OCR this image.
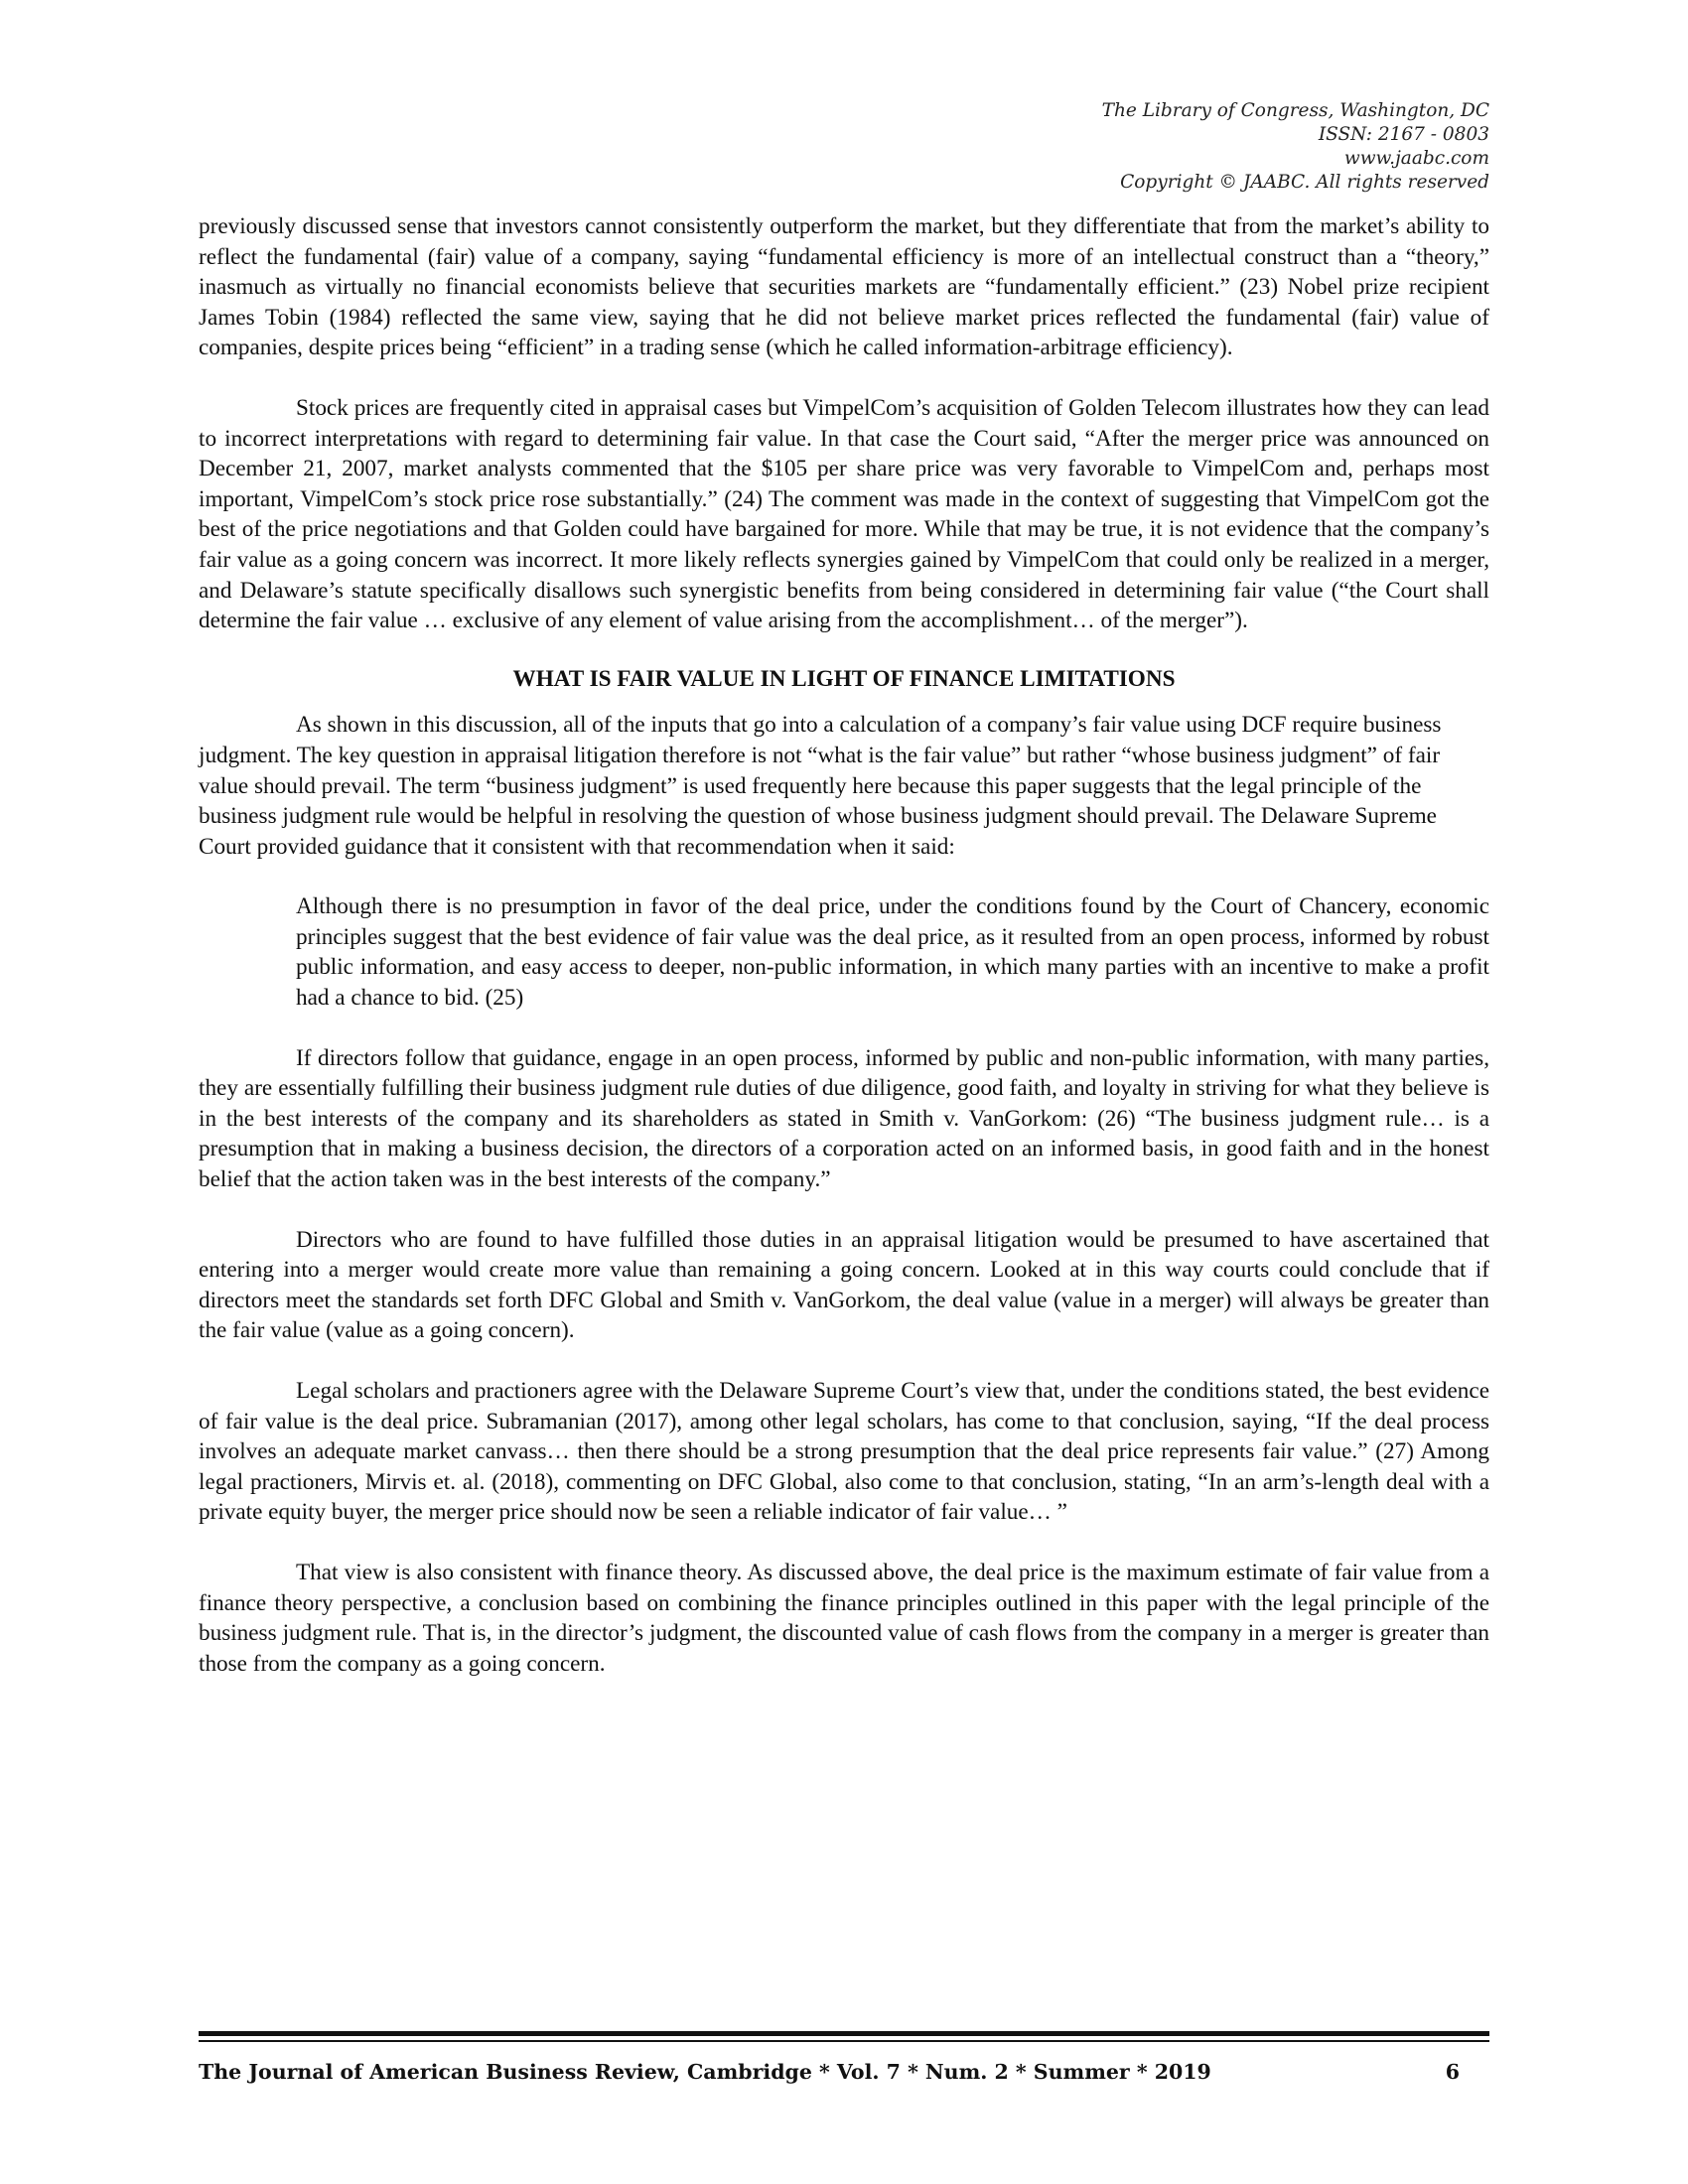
The Library of Congress, Washington, DC
ISSN: 2167 - 0803
www.jaabc.com
Copyright © JAABC. All rights reserved

previously discussed sense that investors cannot consistently outperform the market, but they differentiate that from the market’s ability to reflect the fundamental (fair) value of a company, saying “fundamental efficiency is more of an intellectual construct than a “theory,” inasmuch as virtually no financial economists believe that securities markets are “fundamentally efficient.” (23) Nobel prize recipient James Tobin (1984) reflected the same view, saying that he did not believe market prices reflected the fundamental (fair) value of companies, despite prices being “efficient” in a trading sense (which he called information-arbitrage efficiency).

Stock prices are frequently cited in appraisal cases but VimpelCom’s acquisition of Golden Telecom illustrates how they can lead to incorrect interpretations with regard to determining fair value. In that case the Court said, “After the merger price was announced on December 21, 2007, market analysts commented that the $105 per share price was very favorable to VimpelCom and, perhaps most important, VimpelCom’s stock price rose substantially.” (24) The comment was made in the context of suggesting that VimpelCom got the best of the price negotiations and that Golden could have bargained for more. While that may be true, it is not evidence that the company’s fair value as a going concern was incorrect. It more likely reflects synergies gained by VimpelCom that could only be realized in a merger, and Delaware’s statute specifically disallows such synergistic benefits from being considered in determining fair value (“the Court shall determine the fair value … exclusive of any element of value arising from the accomplishment… of the merger”).

WHAT IS FAIR VALUE IN LIGHT OF FINANCE LIMITATIONS

As shown in this discussion, all of the inputs that go into a calculation of a company’s fair value using DCF require business judgment. The key question in appraisal litigation therefore is not “what is the fair value” but rather “whose business judgment” of fair value should prevail. The term “business judgment” is used frequently here because this paper suggests that the legal principle of the business judgment rule would be helpful in resolving the question of whose business judgment should prevail. The Delaware Supreme Court provided guidance that it consistent with that recommendation when it said:

Although there is no presumption in favor of the deal price, under the conditions found by the Court of Chancery, economic principles suggest that the best evidence of fair value was the deal price, as it resulted from an open process, informed by robust public information, and easy access to deeper, non-public information, in which many parties with an incentive to make a profit had a chance to bid. (25)

If directors follow that guidance, engage in an open process, informed by public and non-public information, with many parties, they are essentially fulfilling their business judgment rule duties of due diligence, good faith, and loyalty in striving for what they believe is in the best interests of the company and its shareholders as stated in Smith v. VanGorkom: (26) “The business judgment rule… is a presumption that in making a business decision, the directors of a corporation acted on an informed basis, in good faith and in the honest belief that the action taken was in the best interests of the company.”

Directors who are found to have fulfilled those duties in an appraisal litigation would be presumed to have ascertained that entering into a merger would create more value than remaining a going concern. Looked at in this way courts could conclude that if directors meet the standards set forth DFC Global and Smith v. VanGorkom, the deal value (value in a merger) will always be greater than the fair value (value as a going concern).

Legal scholars and practioners agree with the Delaware Supreme Court’s view that, under the conditions stated, the best evidence of fair value is the deal price. Subramanian (2017), among other legal scholars, has come to that conclusion, saying, “If the deal process involves an adequate market canvass… then there should be a strong presumption that the deal price represents fair value.” (27) Among legal practioners, Mirvis et. al. (2018), commenting on DFC Global, also come to that conclusion, stating, “In an arm’s-length deal with a private equity buyer, the merger price should now be seen a reliable indicator of fair value… ”

That view is also consistent with finance theory. As discussed above, the deal price is the maximum estimate of fair value from a finance theory perspective, a conclusion based on combining the finance principles outlined in this paper with the legal principle of the business judgment rule. That is, in the director’s judgment, the discounted value of cash flows from the company in a merger is greater than those from the company as a going concern.

The Journal of American Business Review, Cambridge * Vol. 7 * Num. 2 * Summer * 2019	6
